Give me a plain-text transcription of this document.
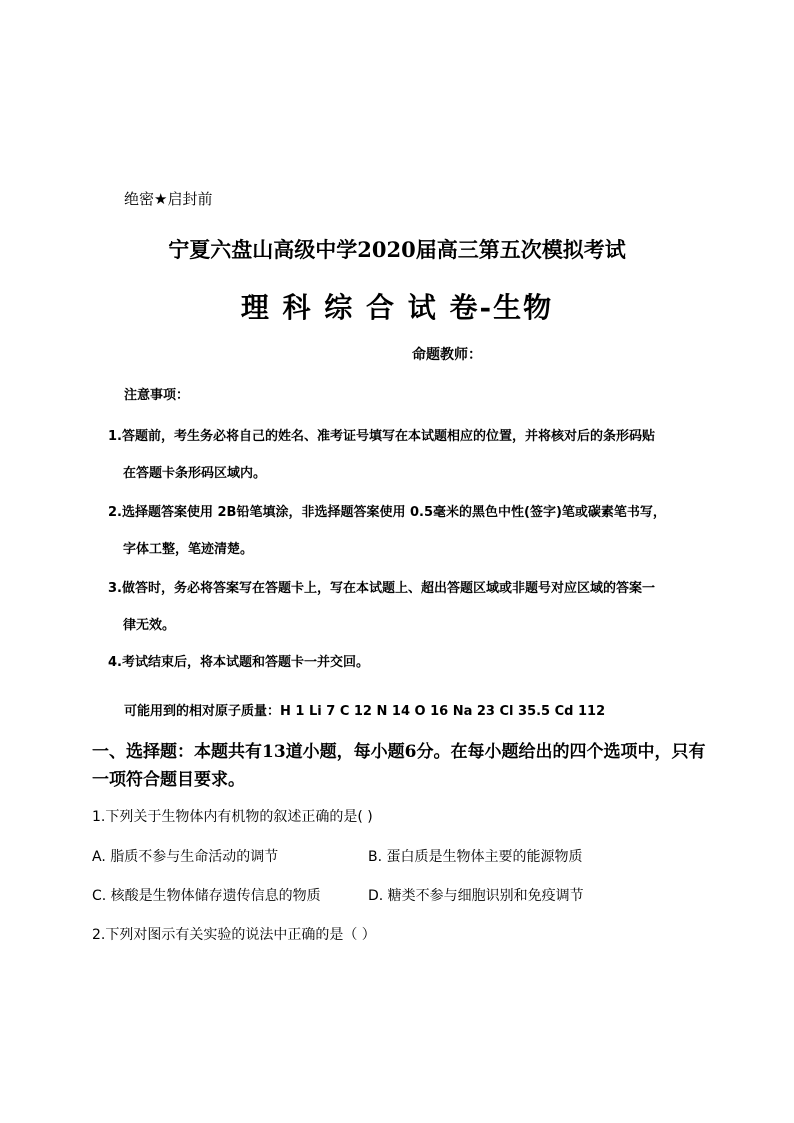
绝密★启封前
宁夏六盘山高级中学2020届高三第五次模拟考试
理 科 综 合 试 卷-生物
命题教师：
注意事项：
1.答题前，考生务必将自己的姓名、准考证号填写在本试题相应的位置，并将核对后的条形码贴
在答题卡条形码区域内。
2.选择题答案使用 2B铅笔填涂，非选择题答案使用 0.5毫米的黑色中性(签字)笔或碳素笔书写，
字体工整，笔迹清楚。
3.做答时，务必将答案写在答题卡上，写在本试题上、超出答题区域或非题号对应区域的答案一
律无效。
4.考试结束后，将本试题和答题卡一并交回。
可能用到的相对原子质量：H 1 Li 7 C 12 N 14 O 16 Na 23 Cl 35.5 Cd 112
一、选择题：本题共有13道小题，每小题6分。在每小题给出的四个选项中，只有一项符合题目要求。
1.下列关于生物体内有机物的叙述正确的是( )
A. 脂质不参与生命活动的调节	B. 蛋白质是生物体主要的能源物质
C. 核酸是生物体储存遗传信息的物质	D. 糖类不参与细胞识别和免疫调节
2.下列对图示有关实验的说法中正确的是（ ）
